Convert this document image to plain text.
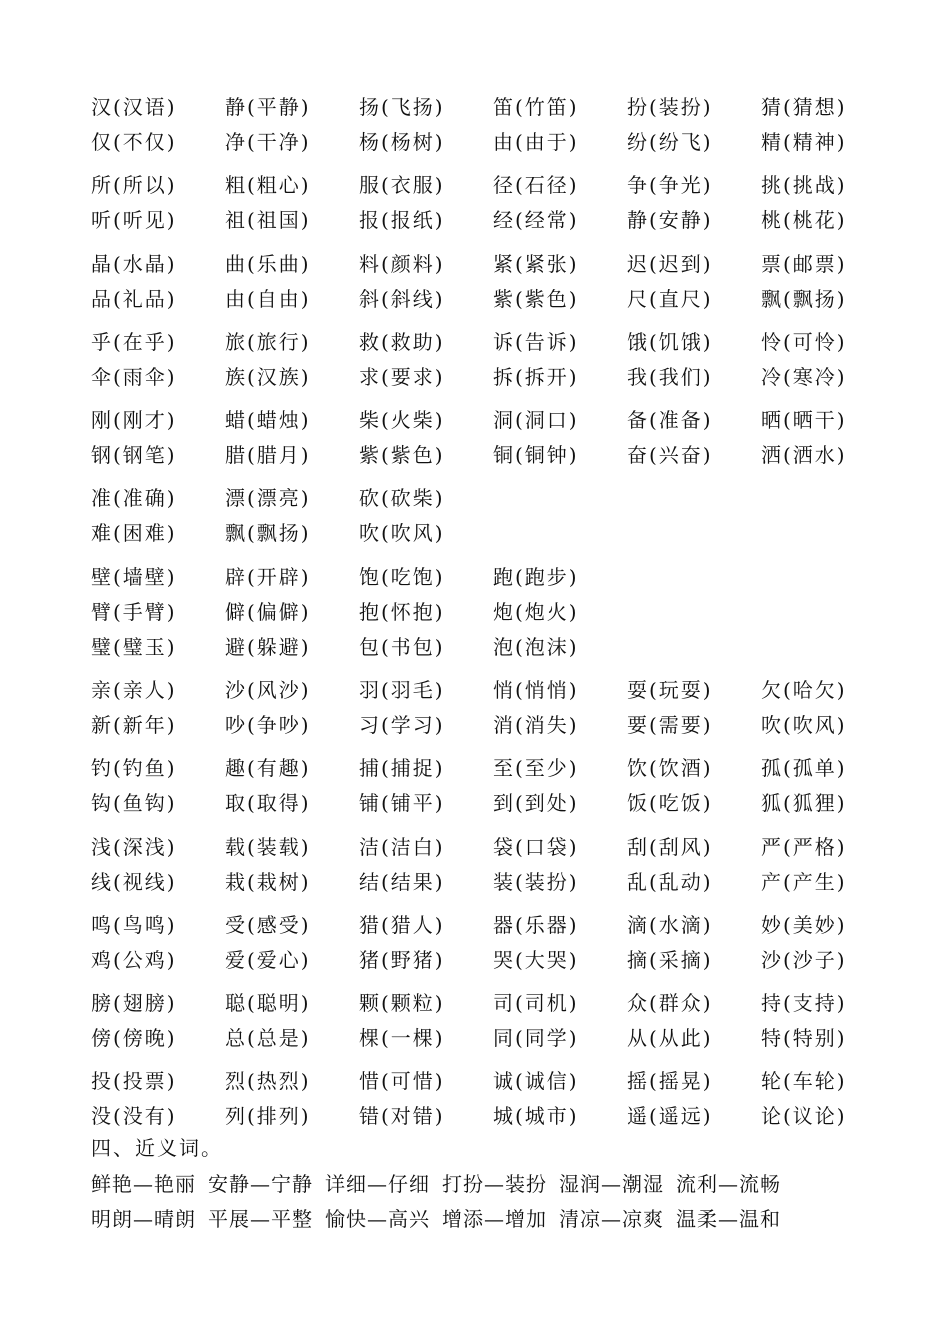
汉(汉语)	静(平静)	扬(飞扬)	笛(竹笛)	扮(装扮)	猜(猜想)
仅(不仅)	净(干净)	杨(杨树)	由(由于)	纷(纷飞)	精(精神)
所(所以)	粗(粗心)	服(衣服)	径(石径)	争(争光)	挑(挑战)
听(听见)	祖(祖国)	报(报纸)	经(经常)	静(安静)	桃(桃花)
晶(水晶)	曲(乐曲)	料(颜料)	紧(紧张)	迟(迟到)	票(邮票)
品(礼品)	由(自由)	斜(斜线)	紫(紫色)	尺(直尺)	飘(飘扬)
乎(在乎)	旅(旅行)	救(救助)	诉(告诉)	饿(饥饿)	怜(可怜)
伞(雨伞)	族(汉族)	求(要求)	拆(拆开)	我(我们)	冷(寒冷)
刚(刚才)	蜡(蜡烛)	柴(火柴)	洞(洞口)	备(准备)	晒(晒干)
钢(钢笔)	腊(腊月)	紫(紫色)	铜(铜钟)	奋(兴奋)	洒(洒水)
准(准确)	漂(漂亮)	砍(砍柴)
难(困难)	飘(飘扬)	吹(吹风)
壁(墙壁)	辟(开辟)	饱(吃饱)	跑(跑步)
臂(手臂)	僻(偏僻)	抱(怀抱)	炮(炮火)
璧(璧玉)	避(躲避)	包(书包)	泡(泡沫)
亲(亲人)	沙(风沙)	羽(羽毛)	悄(悄悄)	耍(玩耍)	欠(哈欠)
新(新年)	吵(争吵)	习(学习)	消(消失)	要(需要)	吹(吹风)
钓(钓鱼)	趣(有趣)	捕(捕捉)	至(至少)	饮(饮酒)	孤(孤单)
钩(鱼钩)	取(取得)	铺(铺平)	到(到处)	饭(吃饭)	狐(狐狸)
浅(深浅)	载(装载)	洁(洁白)	袋(口袋)	刮(刮风)	严(严格)
线(视线)	栽(栽树)	结(结果)	装(装扮)	乱(乱动)	产(产生)
鸣(鸟鸣)	受(感受)	猎(猎人)	器(乐器)	滴(水滴)	妙(美妙)
鸡(公鸡)	爱(爱心)	猪(野猪)	哭(大哭)	摘(采摘)	沙(沙子)
膀(翅膀)	聪(聪明)	颗(颗粒)	司(司机)	众(群众)	持(支持)
傍(傍晚)	总(总是)	棵(一棵)	同(同学)	从(从此)	特(特别)
投(投票)	烈(热烈)	惜(可惜)	诚(诚信)	摇(摇晃)	轮(车轮)
没(没有)	列(排列)	错(对错)	城(城市)	遥(遥远)	论(议论)
四、近义词。
鲜艳—艳丽 安静—宁静 详细—仔细 打扮—装扮 湿润—潮湿 流利—流畅
明朗—晴朗 平展—平整 愉快—高兴 增添—增加 清凉—凉爽 温柔—温和
